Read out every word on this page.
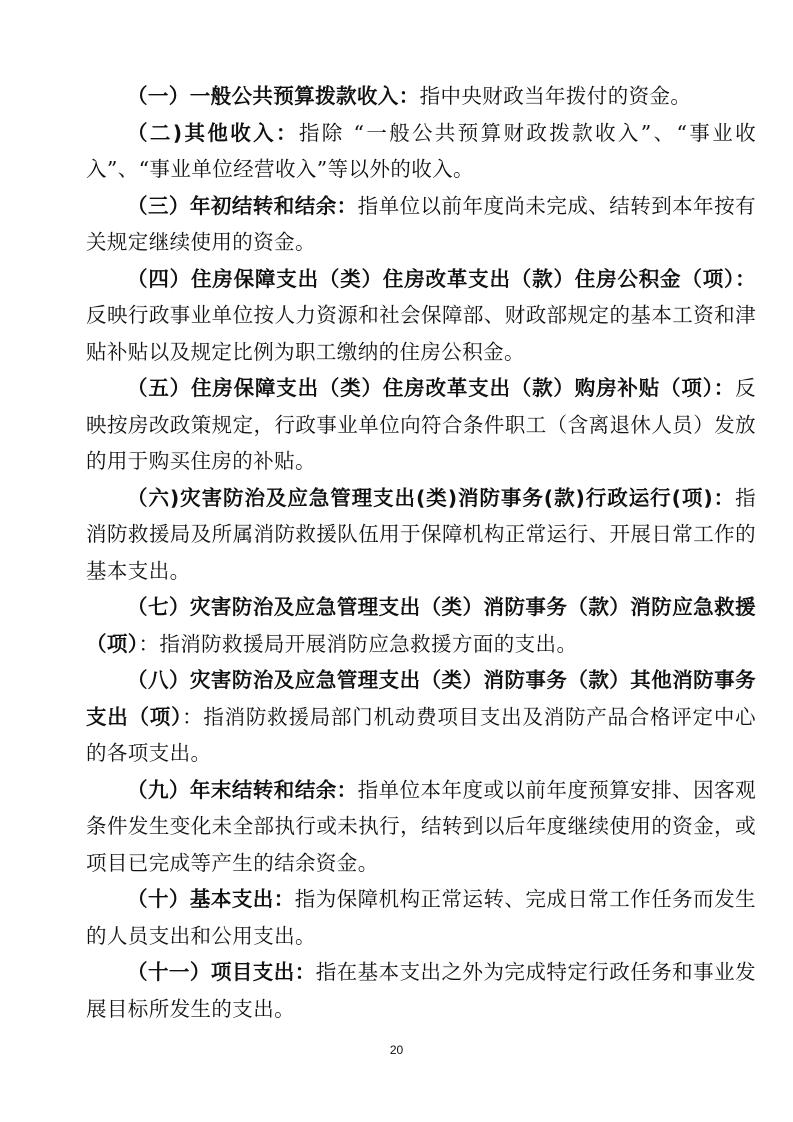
（一）一般公共预算拨款收入：指中央财政当年拨付的资金。

（二)其他收入：指除 “一般公共预算财政拨款收入”、“事业收入”、“事业单位经营收入”等以外的收入。

（三）年初结转和结余：指单位以前年度尚未完成、结转到本年按有关规定继续使用的资金。

（四）住房保障支出（类）住房改革支出（款）住房公积金（项）：反映行政事业单位按人力资源和社会保障部、财政部规定的基本工资和津贴补贴以及规定比例为职工缴纳的住房公积金。

（五）住房保障支出（类）住房改革支出（款）购房补贴（项）：反映按房改政策规定，行政事业单位向符合条件职工（含离退休人员）发放的用于购买住房的补贴。

（六)灾害防治及应急管理支出(类)消防事务(款)行政运行(项)：指消防救援局及所属消防救援队伍用于保障机构正常运行、开展日常工作的基本支出。

（七）灾害防治及应急管理支出（类）消防事务（款）消防应急救援（项）：指消防救援局开展消防应急救援方面的支出。

（八）灾害防治及应急管理支出（类）消防事务（款）其他消防事务支出（项）：指消防救援局部门机动费项目支出及消防产品合格评定中心的各项支出。

（九）年末结转和结余：指单位本年度或以前年度预算安排、因客观条件发生变化未全部执行或未执行，结转到以后年度继续使用的资金，或项目已完成等产生的结余资金。

（十）基本支出：指为保障机构正常运转、完成日常工作任务而发生的人员支出和公用支出。

（十一）项目支出：指在基本支出之外为完成特定行政任务和事业发展目标所发生的支出。

20
